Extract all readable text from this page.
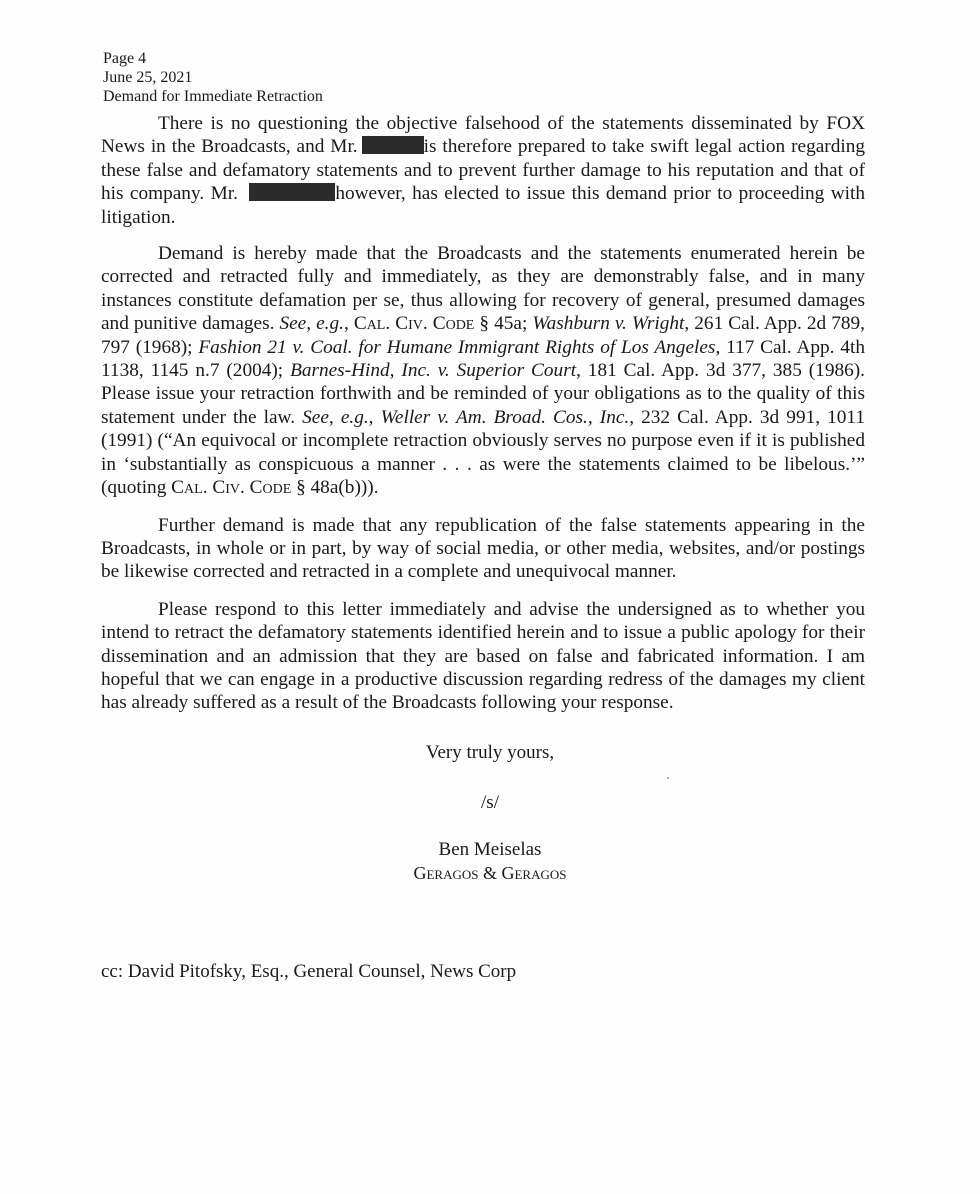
Page 4
June 25, 2021
Demand for Immediate Retraction

There is no questioning the objective falsehood of the statements disseminated by FOX News in the Broadcasts, and Mr.	is therefore prepared to take swift legal action regarding these false and defamatory statements and to prevent further damage to his reputation and that of his company. Mr.	however, has elected to issue this demand prior to proceeding with litigation.

Demand is hereby made that the Broadcasts and the statements enumerated herein be corrected and retracted fully and immediately, as they are demonstrably false, and in many instances constitute defamation per se, thus allowing for recovery of general, presumed damages and punitive damages. See, e.g., Cal. Civ. Code § 45a; Washburn v. Wright, 261 Cal. App. 2d 789, 797 (1968); Fashion 21 v. Coal. for Humane Immigrant Rights of Los Angeles, 117 Cal. App. 4th 1138, 1145 n.7 (2004); Barnes-Hind, Inc. v. Superior Court, 181 Cal. App. 3d 377, 385 (1986). Please issue your retraction forthwith and be reminded of your obligations as to the quality of this statement under the law. See, e.g., Weller v. Am. Broad. Cos., Inc., 232 Cal. App. 3d 991, 1011 (1991) (“An equivocal or incomplete retraction obviously serves no purpose even if it is published in ‘substantially as conspicuous a manner . . . as were the statements claimed to be libelous.’” (quoting Cal. Civ. Code § 48a(b))).

Further demand is made that any republication of the false statements appearing in the Broadcasts, in whole or in part, by way of social media, or other media, websites, and/or postings be likewise corrected and retracted in a complete and unequivocal manner.

Please respond to this letter immediately and advise the undersigned as to whether you intend to retract the defamatory statements identified herein and to issue a public apology for their dissemination and an admission that they are based on false and fabricated information. I am hopeful that we can engage in a productive discussion regarding redress of the damages my client has already suffered as a result of the Broadcasts following your response.

Very truly yours,
/s/
Ben Meiselas
Geragos & Geragos
cc: David Pitofsky, Esq., General Counsel, News Corp
